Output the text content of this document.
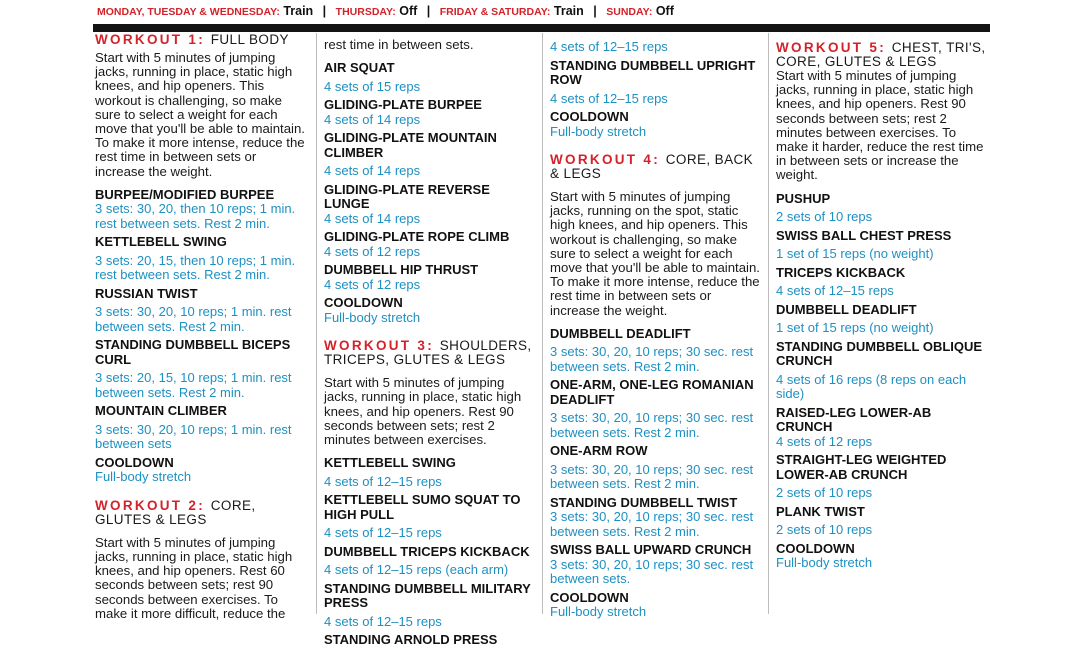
MONDAY, TUESDAY & WEDNESDAY: Train | THURSDAY: Off | FRIDAY & SATURDAY: Train | SUNDAY: Off
WORKOUT 1: FULL BODY

Start with 5 minutes of jumping jacks, running in place, static high knees, and hip openers. This workout is challenging, so make sure to select a weight for each move that you'll be able to maintain. To make it more intense, reduce the rest time in between sets or increase the weight.

BURPEE/MODIFIED BURPEE

3 sets: 30, 20, then 10 reps; 1 min. rest between sets. Rest 2 min.

KETTLEBELL SWING

3 sets: 20, 15, then 10 reps; 1 min. rest between sets. Rest 2 min.

RUSSIAN TWIST

3 sets: 30, 20, 10 reps; 1 min. rest between sets. Rest 2 min.

STANDING DUMBBELL BICEPS CURL

3 sets: 20, 15, 10 reps; 1 min. rest between sets. Rest 2 min.

MOUNTAIN CLIMBER

3 sets: 30, 20, 10 reps; 1 min. rest between sets

COOLDOWN

Full-body stretch

WORKOUT 2: CORE, GLUTES & LEGS

Start with 5 minutes of jumping jacks, running in place, static high knees, and hip openers. Rest 60 seconds between sets; rest 90 seconds between exercises. To make it more difficult, reduce the

rest time in between sets.

AIR SQUAT

4 sets of 15 reps

GLIDING-PLATE BURPEE

4 sets of 14 reps

GLIDING-PLATE MOUNTAIN CLIMBER

4 sets of 14 reps

GLIDING-PLATE REVERSE LUNGE

4 sets of 14 reps

GLIDING-PLATE ROPE CLIMB

4 sets of 12 reps

DUMBBELL HIP THRUST

4 sets of 12 reps

COOLDOWN

Full-body stretch

WORKOUT 3: SHOULDERS, TRICEPS, GLUTES & LEGS

Start with 5 minutes of jumping jacks, running in place, static high knees, and hip openers. Rest 90 seconds between sets; rest 2 minutes between exercises.

KETTLEBELL SWING

4 sets of 12–15 reps

KETTLEBELL SUMO SQUAT TO HIGH PULL

4 sets of 12–15 reps

DUMBBELL TRICEPS KICKBACK

4 sets of 12–15 reps (each arm)

STANDING DUMBBELL MILITARY PRESS

4 sets of 12–15 reps

STANDING ARNOLD PRESS

4 sets of 12–15 reps

STANDING DUMBBELL UPRIGHT ROW

4 sets of 12–15 reps

COOLDOWN

Full-body stretch

WORKOUT 4: CORE, BACK & LEGS

Start with 5 minutes of jumping jacks, running on the spot, static high knees, and hip openers. This workout is challenging, so make sure to select a weight for each move that you'll be able to maintain. To make it more intense, reduce the rest time in between sets or increase the weight.

DUMBBELL DEADLIFT

3 sets: 30, 20, 10 reps; 30 sec. rest between sets. Rest 2 min.

ONE-ARM, ONE-LEG ROMANIAN DEADLIFT

3 sets: 30, 20, 10 reps; 30 sec. rest between sets. Rest 2 min.

ONE-ARM ROW

3 sets: 30, 20, 10 reps; 30 sec. rest between sets. Rest 2 min.

STANDING DUMBBELL TWIST

3 sets: 30, 20, 10 reps; 30 sec. rest between sets. Rest 2 min.

SWISS BALL UPWARD CRUNCH

3 sets: 30, 20, 10 reps; 30 sec. rest between sets.

COOLDOWN

Full-body stretch

WORKOUT 5: CHEST, TRI'S, CORE, GLUTES & LEGS

Start with 5 minutes of jumping jacks, running in place, static high knees, and hip openers. Rest 90 seconds between sets; rest 2 minutes between exercises. To make it harder, reduce the rest time in between sets or increase the weight.

PUSHUP

2 sets of 10 reps

SWISS BALL CHEST PRESS

1 set of 15 reps (no weight)

TRICEPS KICKBACK

4 sets of 12–15 reps

DUMBBELL DEADLIFT

1 set of 15 reps (no weight)

STANDING DUMBBELL OBLIQUE CRUNCH

4 sets of 16 reps (8 reps on each side)

RAISED-LEG LOWER-AB CRUNCH

4 sets of 12 reps

STRAIGHT-LEG WEIGHTED LOWER-AB CRUNCH

2 sets of 10 reps

PLANK TWIST

2 sets of 10 reps

COOLDOWN

Full-body stretch
